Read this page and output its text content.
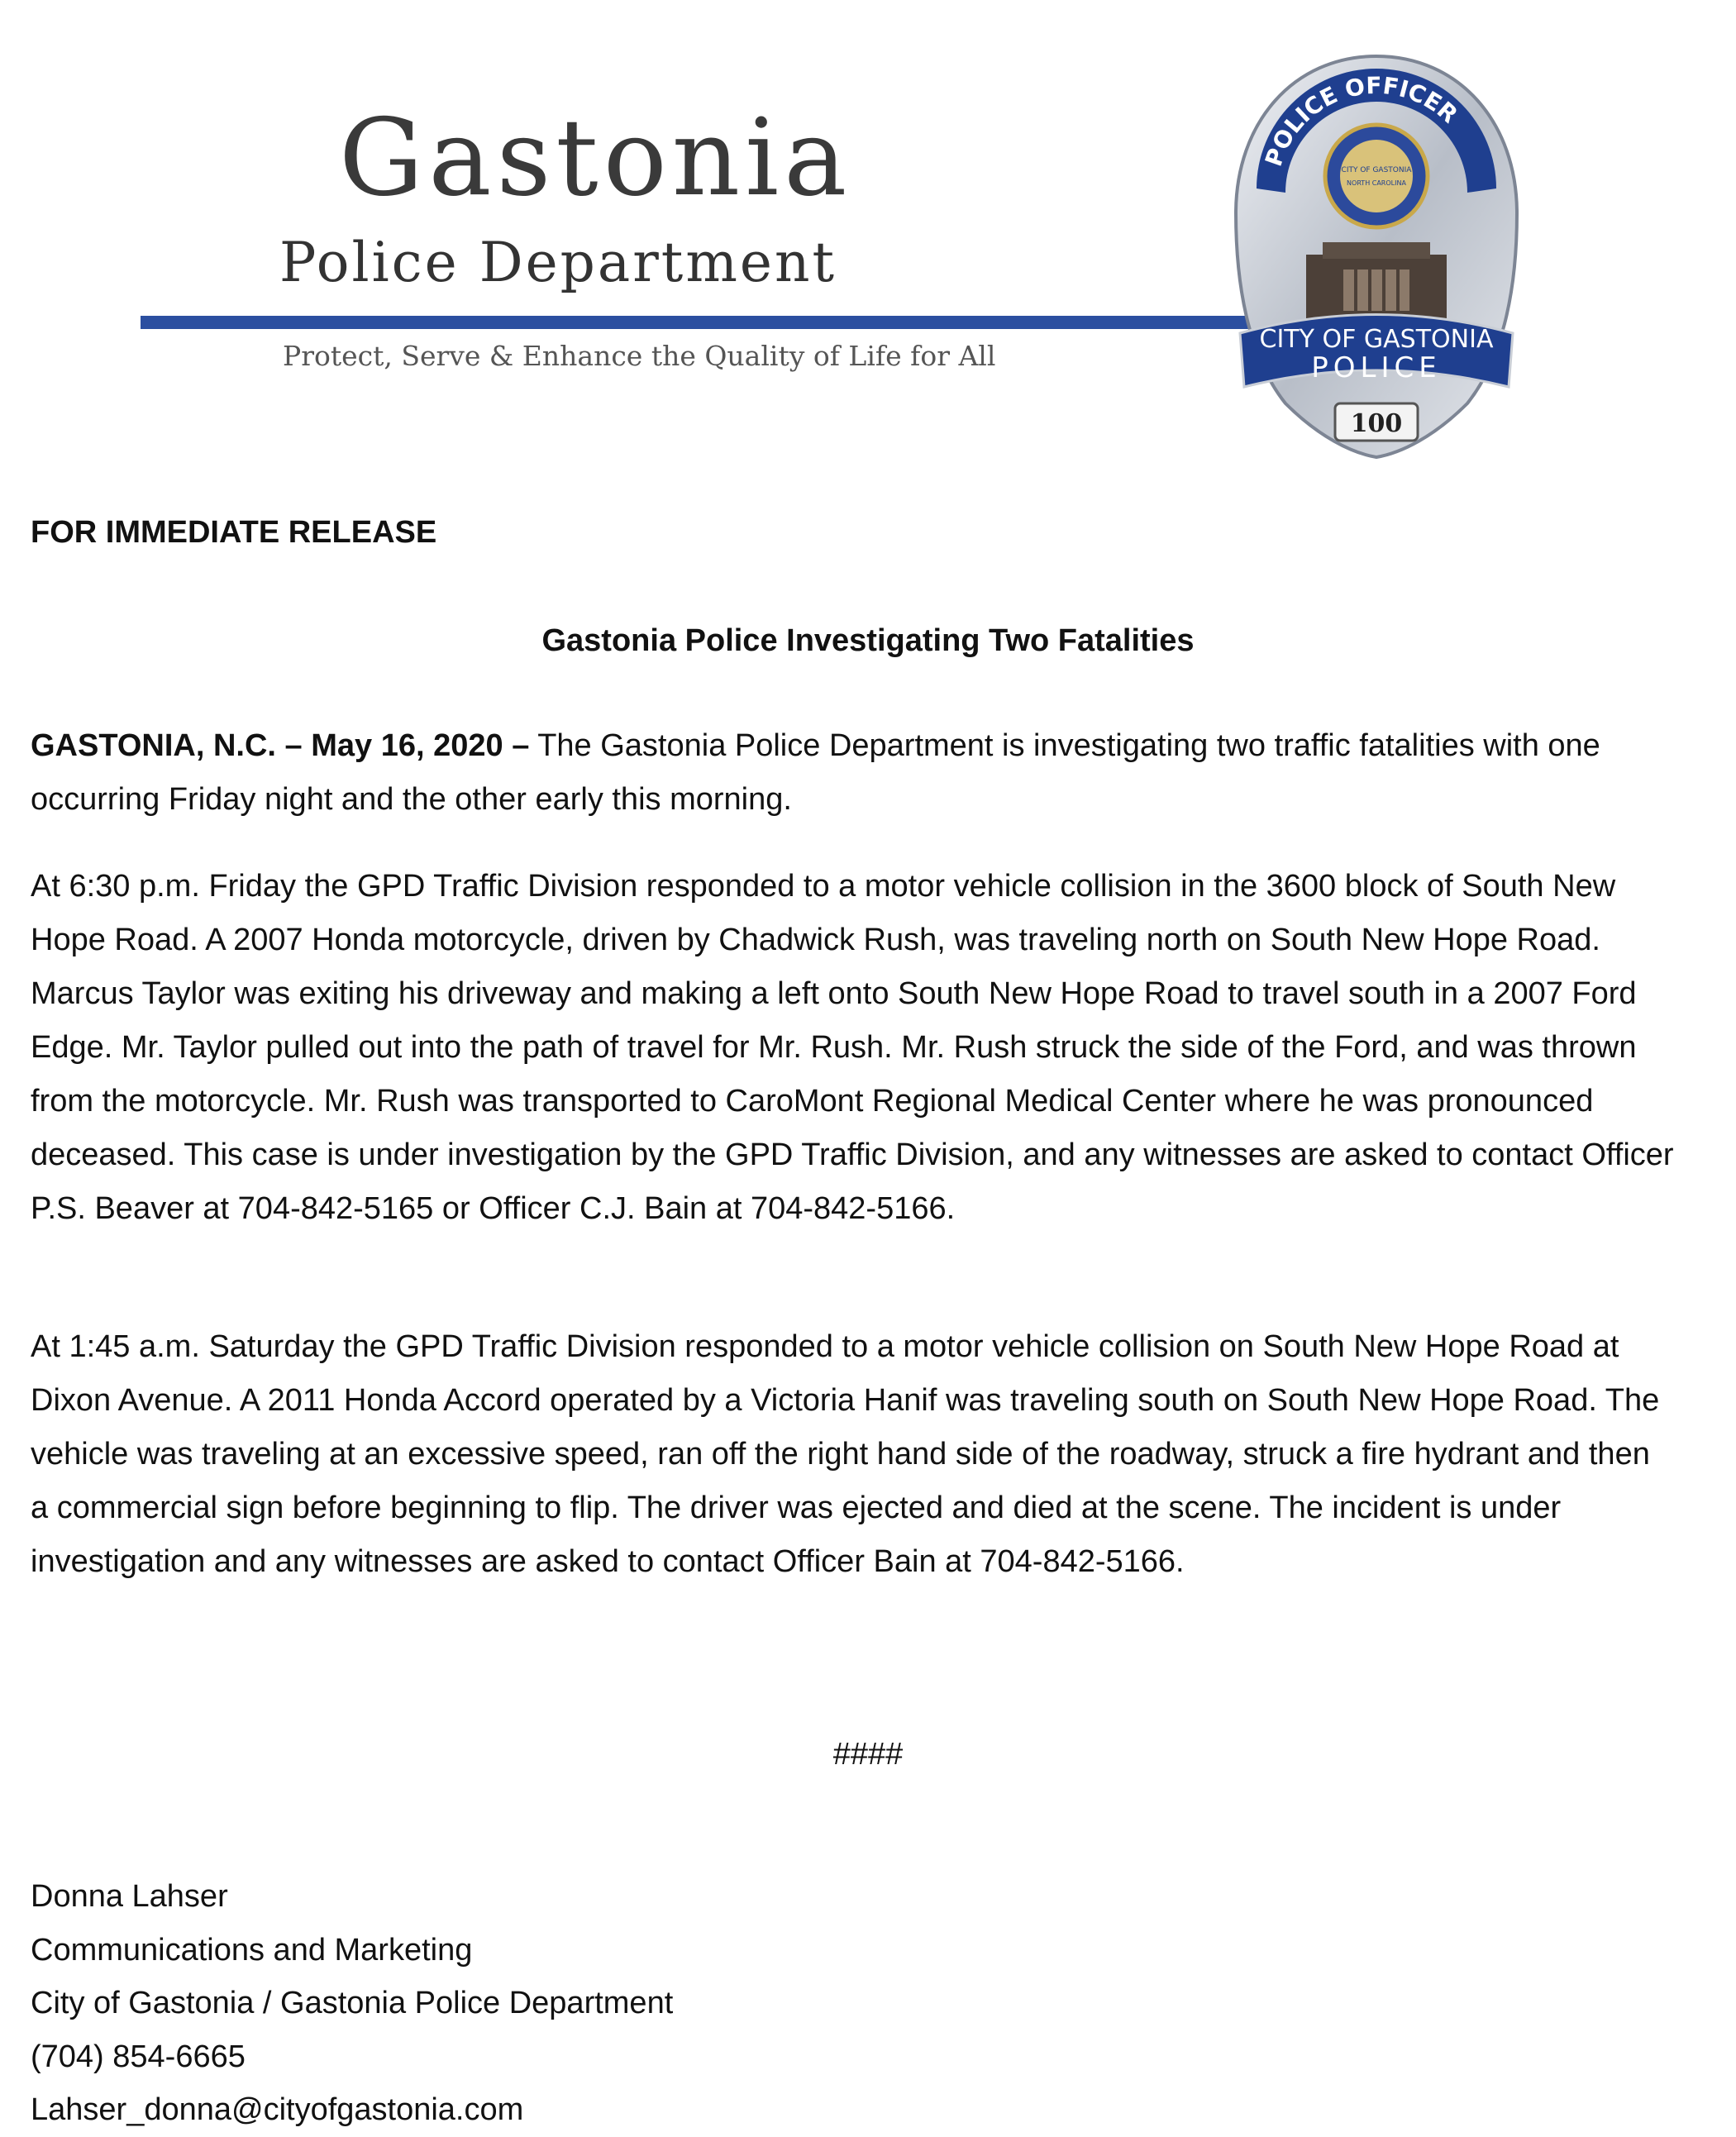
Gastonia
Police Department
Protect, Serve & Enhance the Quality of Life for All
POLICE OFFICER
CITY OF GASTONIA
NORTH CAROLINA
CITY OF GASTONIA
POLICE
100

FOR IMMEDIATE RELEASE

Gastonia Police Investigating Two Fatalities

GASTONIA, N.C. – May 16, 2020 – The Gastonia Police Department is investigating two traffic fatalities with one occurring Friday night and the other early this morning.

At 6:30 p.m. Friday the GPD Traffic Division responded to a motor vehicle collision in the 3600 block of South New Hope Road. A 2007 Honda motorcycle, driven by Chadwick Rush, was traveling north on South New Hope Road. Marcus Taylor was exiting his driveway and making a left onto South New Hope Road to travel south in a 2007 Ford Edge. Mr. Taylor pulled out into the path of travel for Mr. Rush. Mr. Rush struck the side of the Ford, and was thrown from the motorcycle. Mr. Rush was transported to CaroMont Regional Medical Center where he was pronounced deceased. This case is under investigation by the GPD Traffic Division, and any witnesses are asked to contact Officer P.S. Beaver at 704-842-5165 or Officer C.J. Bain at 704-842-5166.

At 1:45 a.m. Saturday the GPD Traffic Division responded to a motor vehicle collision on South New Hope Road at Dixon Avenue. A 2011 Honda Accord operated by a Victoria Hanif was traveling south on South New Hope Road. The vehicle was traveling at an excessive speed, ran off the right hand side of the roadway, struck a fire hydrant and then a commercial sign before beginning to flip. The driver was ejected and died at the scene. The incident is under investigation and any witnesses are asked to contact Officer Bain at 704-842-5166.

####

Donna Lahser
Communications and Marketing
City of Gastonia / Gastonia Police Department
(704) 854-6665
Lahser_donna@cityofgastonia.com
